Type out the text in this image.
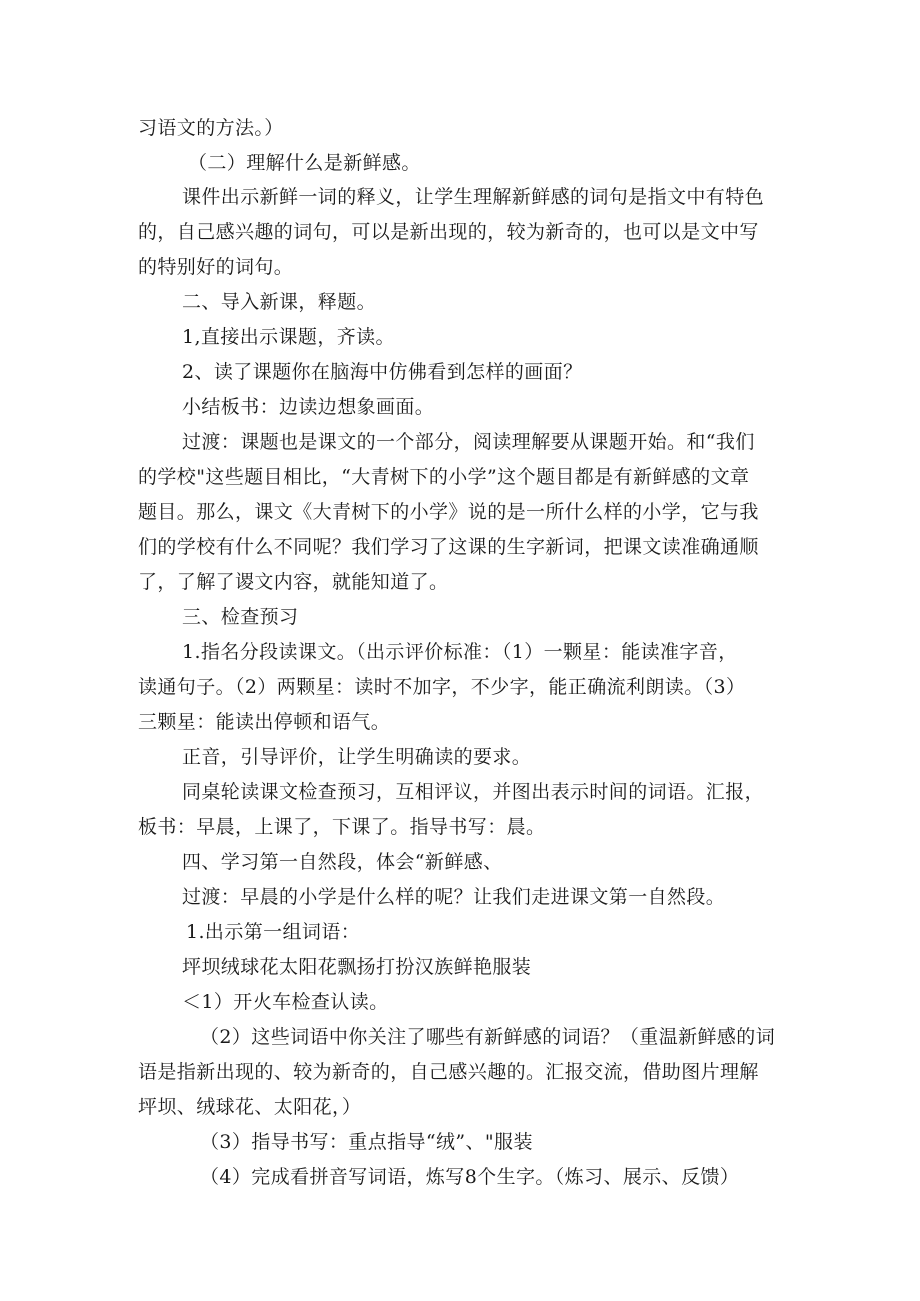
习语文的方法。）
（二）理解什么是新鲜感。
课件出示新鲜一词的释义，让学生理解新鲜感的词句是指文中有特色
的，自己感兴趣的词句，可以是新出现的，较为新奇的，也可以是文中写
的特别好的词句。
二、导入新课，释题。
1,直接出示课题，齐读。
2、读了课题你在脑海中仿佛看到怎样的画面？
小结板书：边读边想象画面。
过渡：课题也是课文的一个部分，阅读理解要从课题开始。和“我们
的学校"这些题目相比，“大青树下的小学”这个题目都是有新鲜感的文章
题目。那么，课文《大青树下的小学》说的是一所什么样的小学，它与我
们的学校有什么不同呢？我们学习了这课的生字新词，把课文读准确通顺
了，了解了谡文内容，就能知道了。
三、检查预习
1.指名分段读课文。（出示评价标准：（1）一颗星：能读准字音，
读通句子。（2）两颗星：读时不加字，不少字，能正确流利朗读。（3）
三颗星：能读出停顿和语气。
正音，引导评价，让学生明确读的要求。
同桌轮读课文检查预习，互相评议，并图出表示时间的词语。汇报，
板书：早晨，上课了，下课了。指导书写：晨。
四、学习第一自然段，体会“新鲜感、
过渡：早晨的小学是什么样的呢？让我们走进课文第一自然段。
1.出示第一组词语：
坪坝绒球花太阳花飘扬打扮汉族鲜艳服装
＜1）开火车检查认读。
（2）这些词语中你关注了哪些有新鲜感的词语？（重温新鲜感的词
语是指新出现的、较为新奇的，自己感兴趣的。汇报交流，借助图片理解
坪坝、绒球花、太阳花，）
（3）指导书写：重点指导“绒”、"服装
（4）完成看拼音写词语，炼写8个生字。（炼习、展示、反馈）
